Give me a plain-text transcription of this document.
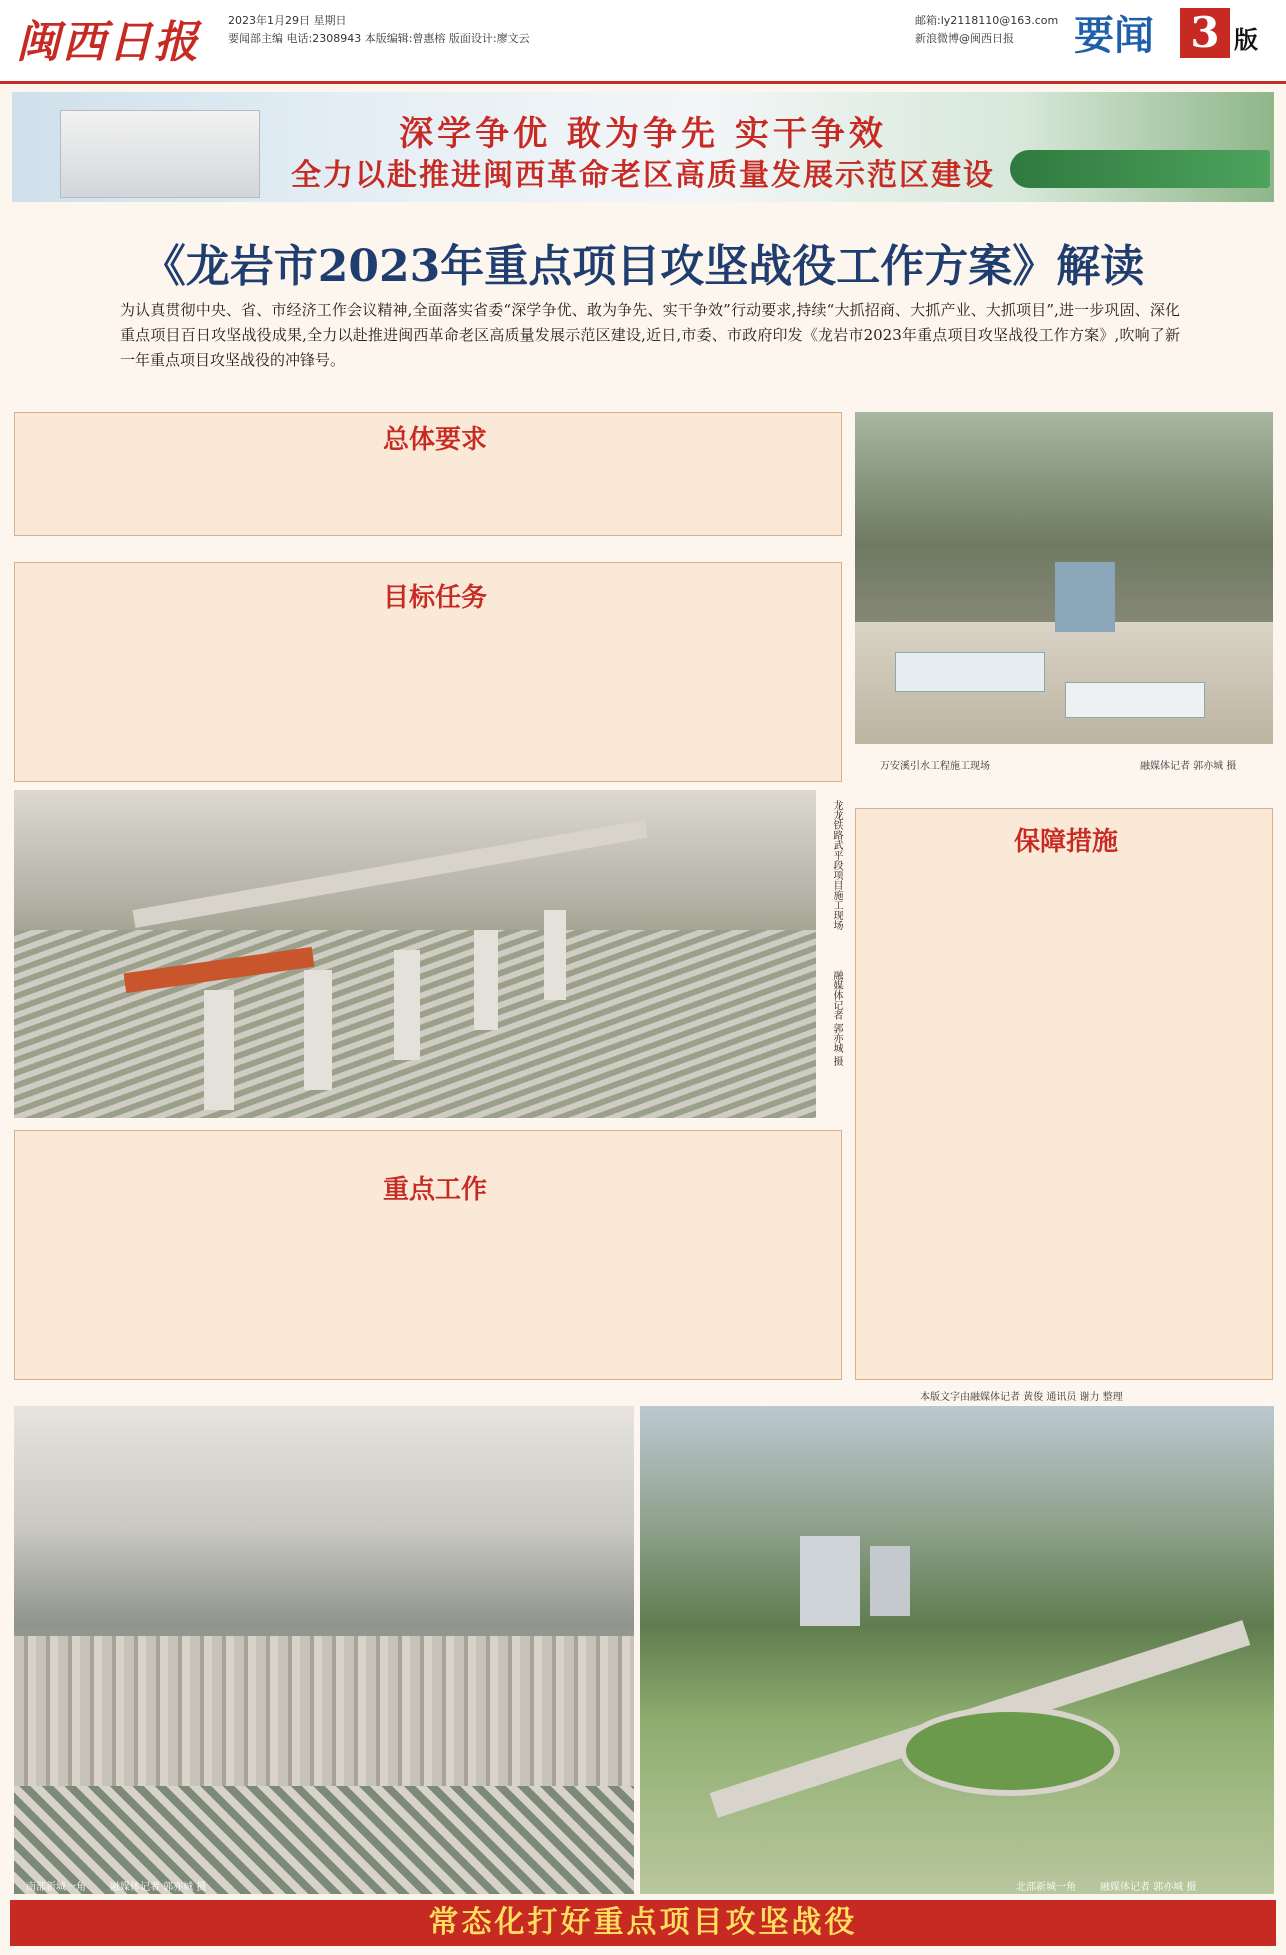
闽西日报	2023年1月29日 星期日
要闻部主编 电话:2308943 本版编辑:曾惠榕 版面设计:廖文云
邮箱:ly2118110@163.com
新浪微博@闽西日报 要闻 3 版
深学争优 敢为争先 实干争效
全力以赴推进闽西革命老区高质量发展示范区建设
《龙岩市2023年重点项目攻坚战役工作方案》解读
为认真贯彻中央、省、市经济工作会议精神,全面落实省委“深学争优、敢为争先、实干争效”行动要求,持续“大抓招商、大抓产业、大抓项目”,进一步巩固、深化重点项目百日攻坚战役成果,全力以赴推进闽西革命老区高质量发展示范区建设,近日,市委、市政府印发《龙岩市2023年重点项目攻坚战役工作方案》,吹响了新一年重点项目攻坚战役的冲锋号。
总体要求
目标任务
万安溪引水工程施工现场	融媒体记者 郭亦城 摄
龙龙铁路武平段项目施工现场
融媒体记者 郭亦城 摄
保障措施
重点工作
本版文字由融媒体记者 黄俊 通讯员 谢力 整理
南部新城一角 融媒体记者 郭亦城 摄	北部新城一角 融媒体记者 郭亦城 摄
常态化打好重点项目攻坚战役
